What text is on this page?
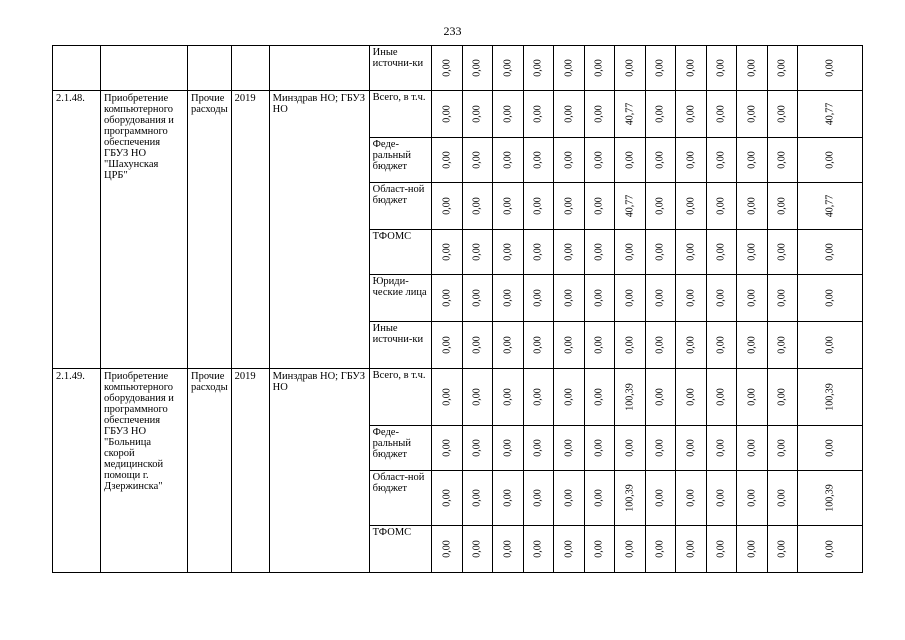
233
					Иные источни-ки	0,00	0,00	0,00	0,00	0,00	0,00	0,00	0,00	0,00	0,00	0,00	0,00	0,00

2.1.48.	Приобретение компьютерного оборудования и программного обеспечения ГБУЗ НО "Шахунская ЦРБ"	Прочие расходы	2019	Минздрав НО; ГБУЗ НО	Всего, в т.ч.	0,00	0,00	0,00	0,00	0,00	0,00	40,77	0,00	0,00	0,00	0,00	0,00	40,77

					Феде-ральный бюджет	0,00	0,00	0,00	0,00	0,00	0,00	0,00	0,00	0,00	0,00	0,00	0,00	0,00

					Област-ной бюджет	0,00	0,00	0,00	0,00	0,00	0,00	40,77	0,00	0,00	0,00	0,00	0,00	40,77

					ТФОМС	0,00	0,00	0,00	0,00	0,00	0,00	0,00	0,00	0,00	0,00	0,00	0,00	0,00

					Юриди-ческие лица	0,00	0,00	0,00	0,00	0,00	0,00	0,00	0,00	0,00	0,00	0,00	0,00	0,00

					Иные источни-ки	0,00	0,00	0,00	0,00	0,00	0,00	0,00	0,00	0,00	0,00	0,00	0,00	0,00

2.1.49.	Приобретение компьютерного оборудования и программного обеспечения ГБУЗ НО "Больница скорой медицинской помощи г. Дзержинска"	Прочие расходы	2019	Минздрав НО; ГБУЗ НО	Всего, в т.ч.	0,00	0,00	0,00	0,00	0,00	0,00	100,39	0,00	0,00	0,00	0,00	0,00	100,39

					Феде-ральный бюджет	0,00	0,00	0,00	0,00	0,00	0,00	0,00	0,00	0,00	0,00	0,00	0,00	0,00

					Област-ной бюджет	0,00	0,00	0,00	0,00	0,00	0,00	100,39	0,00	0,00	0,00	0,00	0,00	100,39

					ТФОМС	0,00	0,00	0,00	0,00	0,00	0,00	0,00	0,00	0,00	0,00	0,00	0,00	0,00
